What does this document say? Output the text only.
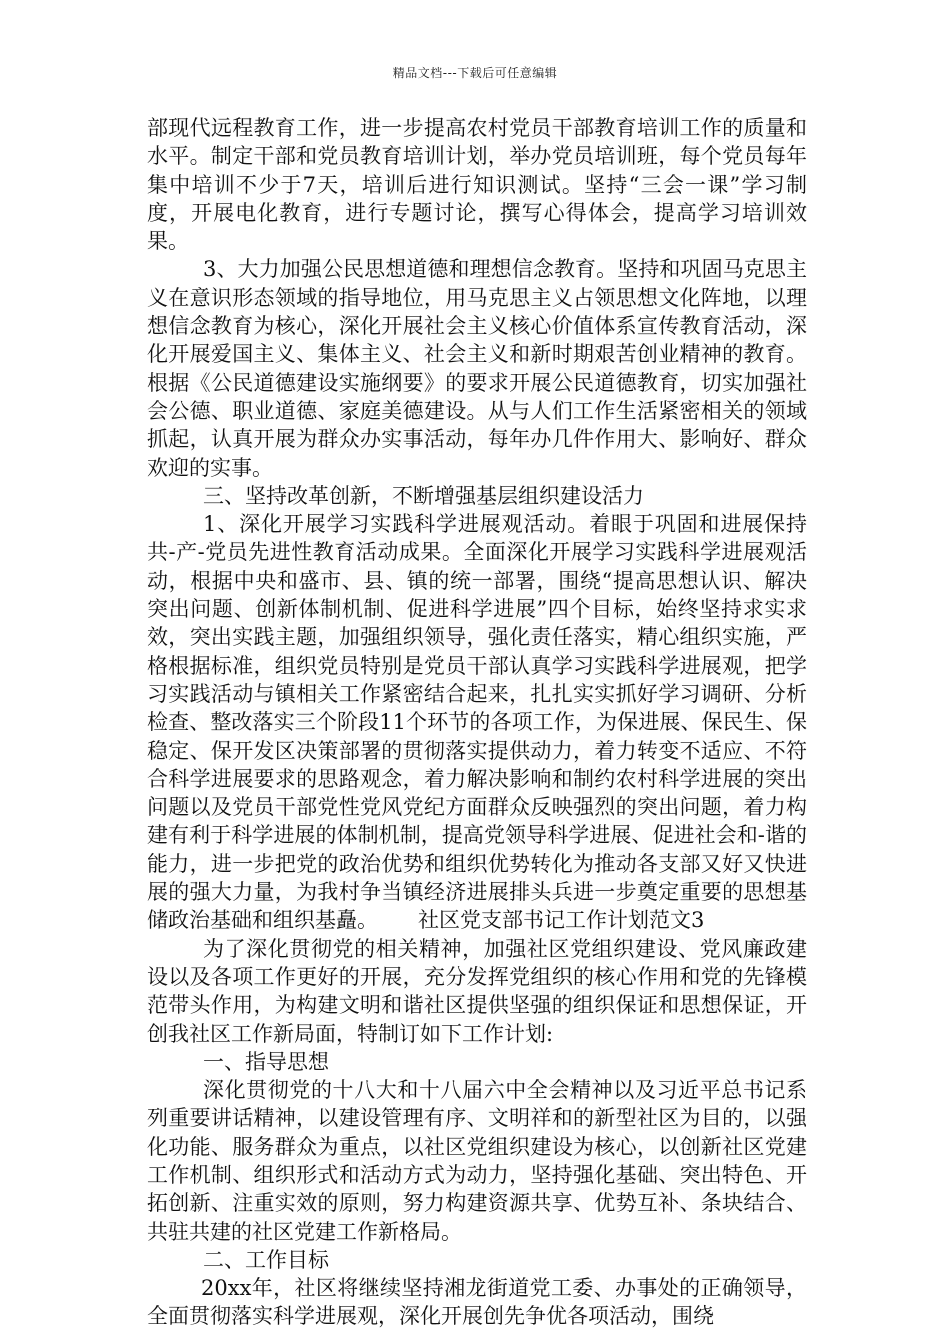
精品文档---下载后可任意编辑

部现代远程教育工作，进一步提高农村党员干部教育培训工作的质量和水平。制定干部和党员教育培训计划，举办党员培训班，每个党员每年集中培训不少于7天，培训后进行知识测试。坚持“三会一课”学习制度，开展电化教育，进行专题讨论，撰写心得体会，提高学习培训效果。

3、大力加强公民思想道德和理想信念教育。坚持和巩固马克思主义在意识形态领域的指导地位，用马克思主义占领思想文化阵地，以理想信念教育为核心，深化开展社会主义核心价值体系宣传教育活动，深化开展爱国主义、集体主义、社会主义和新时期艰苦创业精神的教育。根据《公民道德建设实施纲要》的要求开展公民道德教育，切实加强社会公德、职业道德、家庭美德建设。从与人们工作生活紧密相关的领域抓起，认真开展为群众办实事活动，每年办几件作用大、影响好、群众欢迎的实事。

三、坚持改革创新，不断增强基层组织建设活力

1、深化开展学习实践科学进展观活动。着眼于巩固和进展保持共-产-党员先进性教育活动成果。全面深化开展学习实践科学进展观活动，根据中央和盛市、县、镇的统一部署，围绕“提高思想认识、解决突出问题、创新体制机制、促进科学进展”四个目标，始终坚持求实求效，突出实践主题，加强组织领导，强化责任落实，精心组织实施，严格根据标准，组织党员特别是党员干部认真学习实践科学进展观，把学习实践活动与镇相关工作紧密结合起来，扎扎实实抓好学习调研、分析检查、整改落实三个阶段11个环节的各项工作，为保进展、保民生、保稳定、保开发区决策部署的贯彻落实提供动力，着力转变不适应、不符合科学进展要求的思路观念，着力解决影响和制约农村科学进展的突出问题以及党员干部党性党风党纪方面群众反映强烈的突出问题，着力构建有利于科学进展的体制机制，提高党领导科学进展、促进社会和-谐的能力，进一步把党的政治优势和组织优势转化为推动各支部又好又快进展的强大力量，为我村争当镇经济进展排头兵进一步奠定重要的思想基储政治基础和组织基矗。 社区党支部书记工作计划范文3

为了深化贯彻党的相关精神，加强社区党组织建设、党风廉政建设以及各项工作更好的开展，充分发挥党组织的核心作用和党的先锋模范带头作用，为构建文明和谐社区提供坚强的组织保证和思想保证，开创我社区工作新局面，特制订如下工作计划:

一、指导思想

深化贯彻党的十八大和十八届六中全会精神以及习近平总书记系列重要讲话精神，以建设管理有序、文明祥和的新型社区为目的，以强化功能、服务群众为重点，以社区党组织建设为核心，以创新社区党建工作机制、组织形式和活动方式为动力，坚持强化基础、突出特色、开拓创新、注重实效的原则，努力构建资源共享、优势互补、条块结合、共驻共建的社区党建工作新格局。

二、工作目标

20xx年，社区将继续坚持湘龙街道党工委、办事处的正确领导，全面贯彻落实科学进展观，深化开展创先争优各项活动，围绕
